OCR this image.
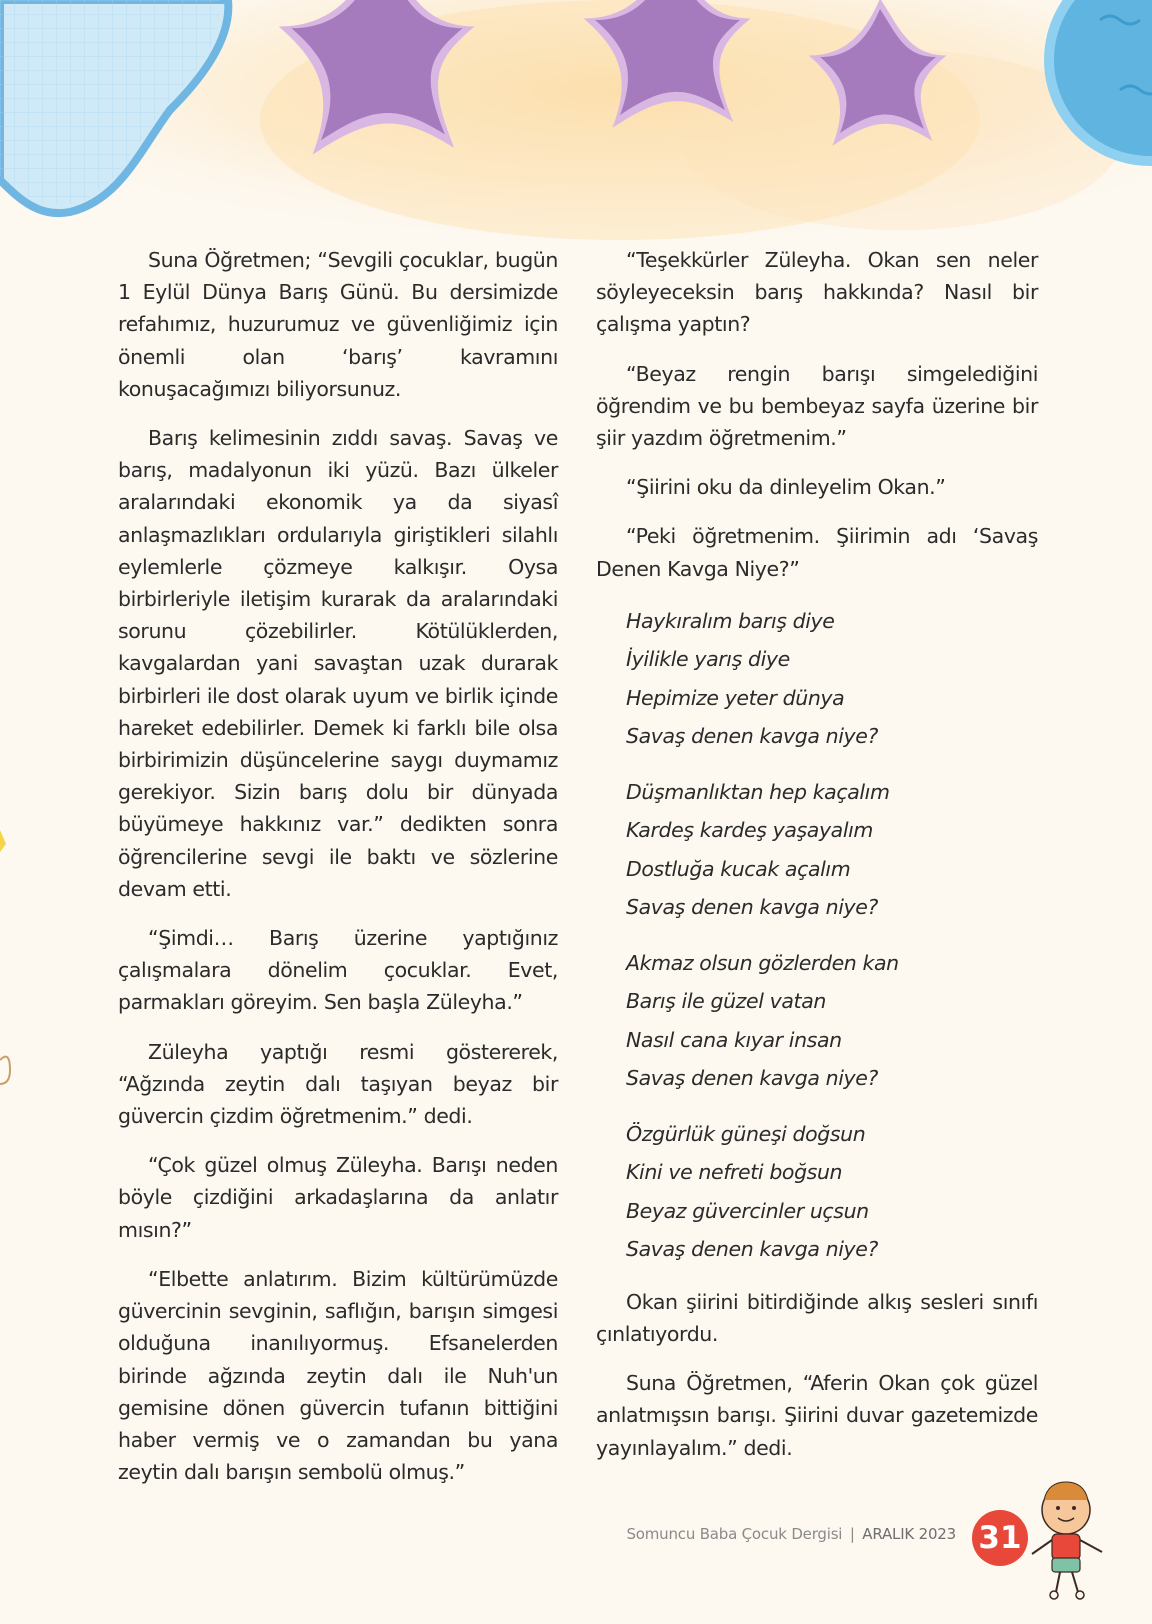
Suna Öğretmen; “Sevgili çocuklar, bugün 1 Eylül Dünya Barış Günü. Bu dersimizde refahımız, huzurumuz ve güvenliğimiz için önemli olan ‘barış’ kavramını konuşacağımızı biliyorsunuz.

Barış kelimesinin zıddı savaş. Savaş ve barış, madalyonun iki yüzü. Bazı ülkeler aralarındaki ekonomik ya da siyasî anlaşmazlıkları ordularıyla giriştikleri silahlı eylemlerle çözmeye kalkışır. Oysa birbirleriyle iletişim kurarak da aralarındaki sorunu çözebilirler. Kötülüklerden, kavgalardan yani savaştan uzak durarak birbirleri ile dost olarak uyum ve birlik içinde hareket edebilirler. Demek ki farklı bile olsa birbirimizin düşüncelerine saygı duymamız gerekiyor. Sizin barış dolu bir dünyada büyümeye hakkınız var.” dedikten sonra öğrencilerine sevgi ile baktı ve sözlerine devam etti.

“Şimdi… Barış üzerine yaptığınız çalışmalara dönelim çocuklar. Evet, parmakları göreyim. Sen başla Züleyha.”

Züleyha yaptığı resmi göstererek, “Ağzında zeytin dalı taşıyan beyaz bir güvercin çizdim öğretmenim.” dedi.

“Çok güzel olmuş Züleyha. Barışı neden böyle çizdiğini arkadaşlarına da anlatır mısın?”

“Elbette anlatırım. Bizim kültürümüzde güvercinin sevginin, saflığın, barışın simgesi olduğuna inanılıyormuş. Efsanelerden birinde ağzında zeytin dalı ile Nuh'un gemisine dönen güvercin tufanın bittiğini haber vermiş ve o zamandan bu yana zeytin dalı barışın sembolü olmuş.”

“Teşekkürler Züleyha. Okan sen neler söyleyeceksin barış hakkında? Nasıl bir çalışma yaptın?

“Beyaz rengin barışı simgelediğini öğrendim ve bu bembeyaz sayfa üzerine bir şiir yazdım öğretmenim.”

“Şiirini oku da dinleyelim Okan.”

“Peki öğretmenim. Şiirimin adı ‘Savaş Denen Kavga Niye?”

Haykıralım barış diye
İyilikle yarış diye
Hepimize yeter dünya
Savaş denen kavga niye?
Düşmanlıktan hep kaçalım
Kardeş kardeş yaşayalım
Dostluğa kucak açalım
Savaş denen kavga niye?
Akmaz olsun gözlerden kan
Barış ile güzel vatan
Nasıl cana kıyar insan
Savaş denen kavga niye?
Özgürlük güneşi doğsun
Kini ve nefreti boğsun
Beyaz güvercinler uçsun
Savaş denen kavga niye?

Okan şiirini bitirdiğinde alkış sesleri sınıfı çınlatıyordu.

Suna Öğretmen, “Aferin Okan çok güzel anlatmışsın barışı. Şiirini duvar gazetemizde yayınlayalım.” dedi.

Somuncu Baba Çocuk Dergisi | ARALIK 2023 31
